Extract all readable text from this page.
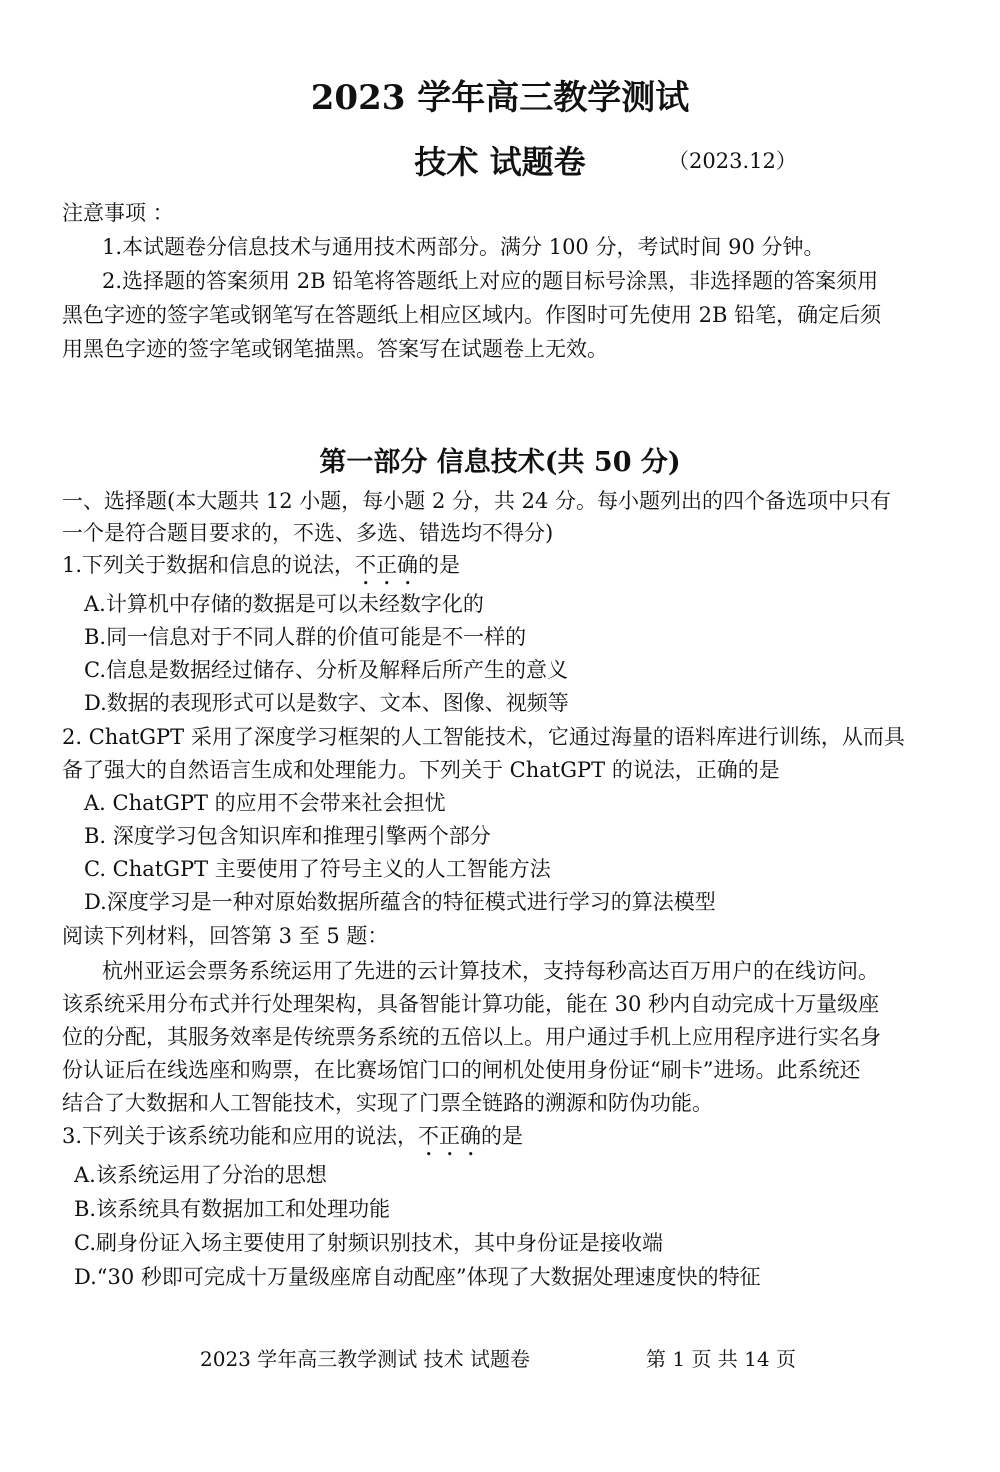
2023 学年高三教学测试
技术 试题卷	（2023.12）
注意事项 ：
1.本试题卷分信息技术与通用技术两部分。满分 100 分，考试时间 90 分钟。
2.选择题的答案须用 2B 铅笔将答题纸上对应的题目标号涂黑，非选择题的答案须用
黑色字迹的签字笔或钢笔写在答题纸上相应区域内。作图时可先使用 2B 铅笔，确定后须
用黑色字迹的签字笔或钢笔描黑。答案写在试题卷上无效。
第一部分 信息技术(共 50 分)
一、选择题(本大题共 12 小题，每小题 2 分，共 24 分。每小题列出的四个备选项中只有
一个是符合题目要求的，不选、多选、错选均不得分)
1.下列关于数据和信息的说法，不正确的是
A.计算机中存储的数据是可以未经数字化的
B.同一信息对于不同人群的价值可能是不一样的
C.信息是数据经过储存、分析及解释后所产生的意义
D.数据的表现形式可以是数字、文本、图像、视频等
2. ChatGPT 采用了深度学习框架的人工智能技术，它通过海量的语料库进行训练，从而具
备了强大的自然语言生成和处理能力。下列关于 ChatGPT 的说法，正确的是
A. ChatGPT 的应用不会带来社会担忧
B. 深度学习包含知识库和推理引擎两个部分
C. ChatGPT 主要使用了符号主义的人工智能方法
D.深度学习是一种对原始数据所蕴含的特征模式进行学习的算法模型
阅读下列材料，回答第 3 至 5 题：
杭州亚运会票务系统运用了先进的云计算技术，支持每秒高达百万用户的在线访问。
该系统采用分布式并行处理架构，具备智能计算功能，能在 30 秒内自动完成十万量级座
位的分配，其服务效率是传统票务系统的五倍以上。用户通过手机上应用程序进行实名身
份认证后在线选座和购票，在比赛场馆门口的闸机处使用身份证“刷卡”进场。此系统还
结合了大数据和人工智能技术，实现了门票全链路的溯源和防伪功能。
3.下列关于该系统功能和应用的说法，不正确的是
A.该系统运用了分治的思想
B.该系统具有数据加工和处理功能
C.刷身份证入场主要使用了射频识别技术，其中身份证是接收端
D.“30 秒即可完成十万量级座席自动配座”体现了大数据处理速度快的特征
2023 学年高三教学测试 技术 试题卷	第 1 页 共 14 页
